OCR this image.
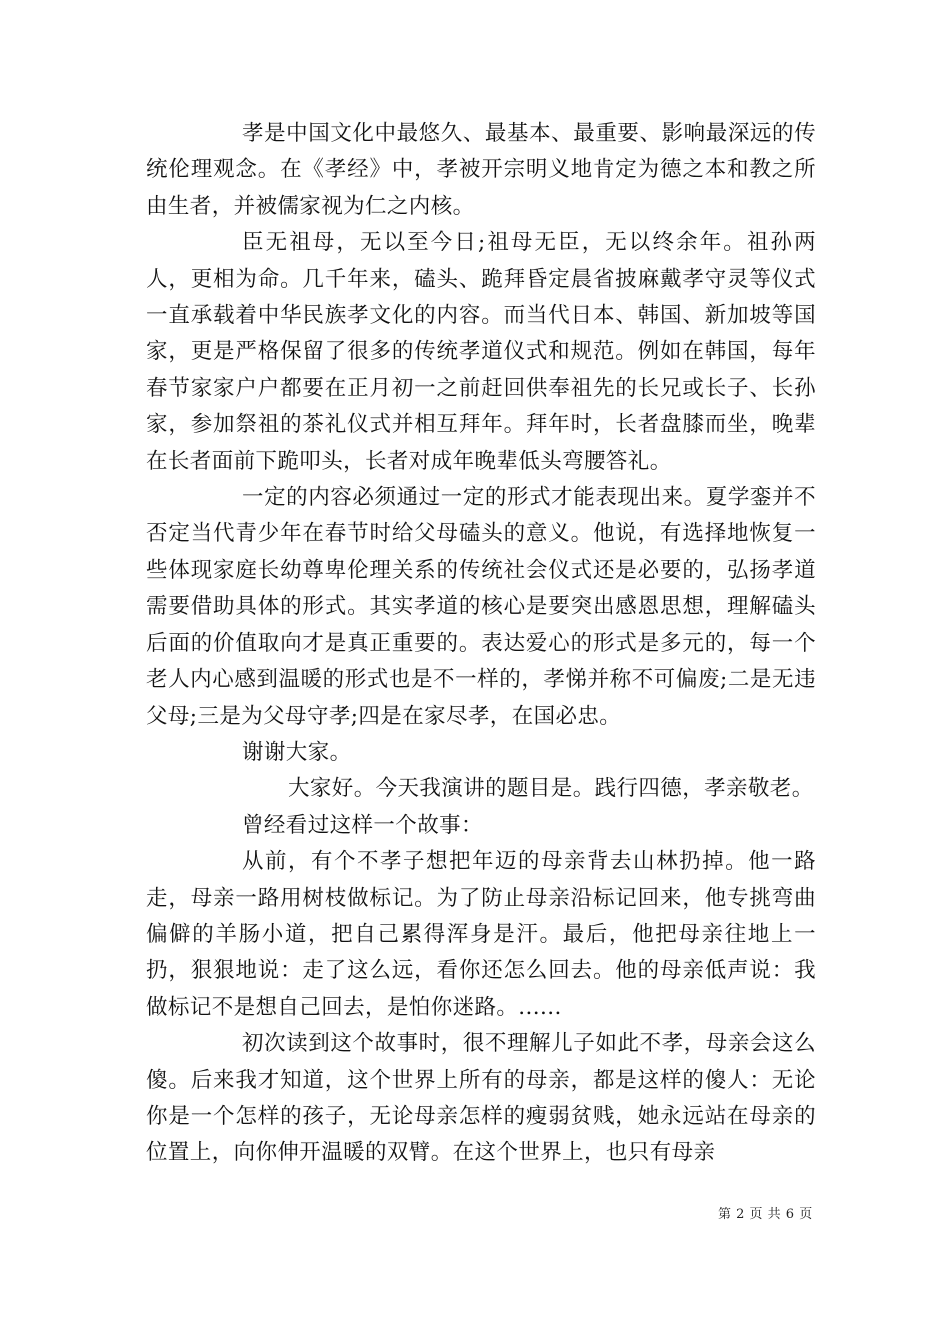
孝是中国文化中最悠久、最基本、最重要、影响最深远的传统伦理观念。在《孝经》中，孝被开宗明义地肯定为德之本和教之所由生者，并被儒家视为仁之内核。

臣无祖母，无以至今日;祖母无臣，无以终余年。祖孙两人，更相为命。几千年来，磕头、跪拜昏定晨省披麻戴孝守灵等仪式一直承载着中华民族孝文化的内容。而当代日本、韩国、新加坡等国家，更是严格保留了很多的传统孝道仪式和规范。例如在韩国，每年春节家家户户都要在正月初一之前赶回供奉祖先的长兄或长子、长孙家，参加祭祖的茶礼仪式并相互拜年。拜年时，长者盘膝而坐，晚辈在长者面前下跪叩头，长者对成年晚辈低头弯腰答礼。

一定的内容必须通过一定的形式才能表现出来。夏学銮并不否定当代青少年在春节时给父母磕头的意义。他说，有选择地恢复一些体现家庭长幼尊卑伦理关系的传统社会仪式还是必要的，弘扬孝道需要借助具体的形式。其实孝道的核心是要突出感恩思想，理解磕头后面的价值取向才是真正重要的。表达爱心的形式是多元的，每一个老人内心感到温暖的形式也是不一样的，孝悌并称不可偏废;二是无违父母;三是为父母守孝;四是在家尽孝，在国必忠。

谢谢大家。

大家好。今天我演讲的题目是。践行四德，孝亲敬老。

曾经看过这样一个故事：

从前，有个不孝子想把年迈的母亲背去山林扔掉。他一路走，母亲一路用树枝做标记。为了防止母亲沿标记回来，他专挑弯曲偏僻的羊肠小道，把自己累得浑身是汗。最后，他把母亲往地上一扔，狠狠地说：走了这么远，看你还怎么回去。他的母亲低声说：我做标记不是想自己回去，是怕你迷路。......

初次读到这个故事时，很不理解儿子如此不孝，母亲会这么傻。后来我才知道，这个世界上所有的母亲，都是这样的傻人：无论你是一个怎样的孩子，无论母亲怎样的瘦弱贫贱，她永远站在母亲的位置上，向你伸开温暖的双臂。在这个世界上，也只有母亲

第 2 页 共 6 页
